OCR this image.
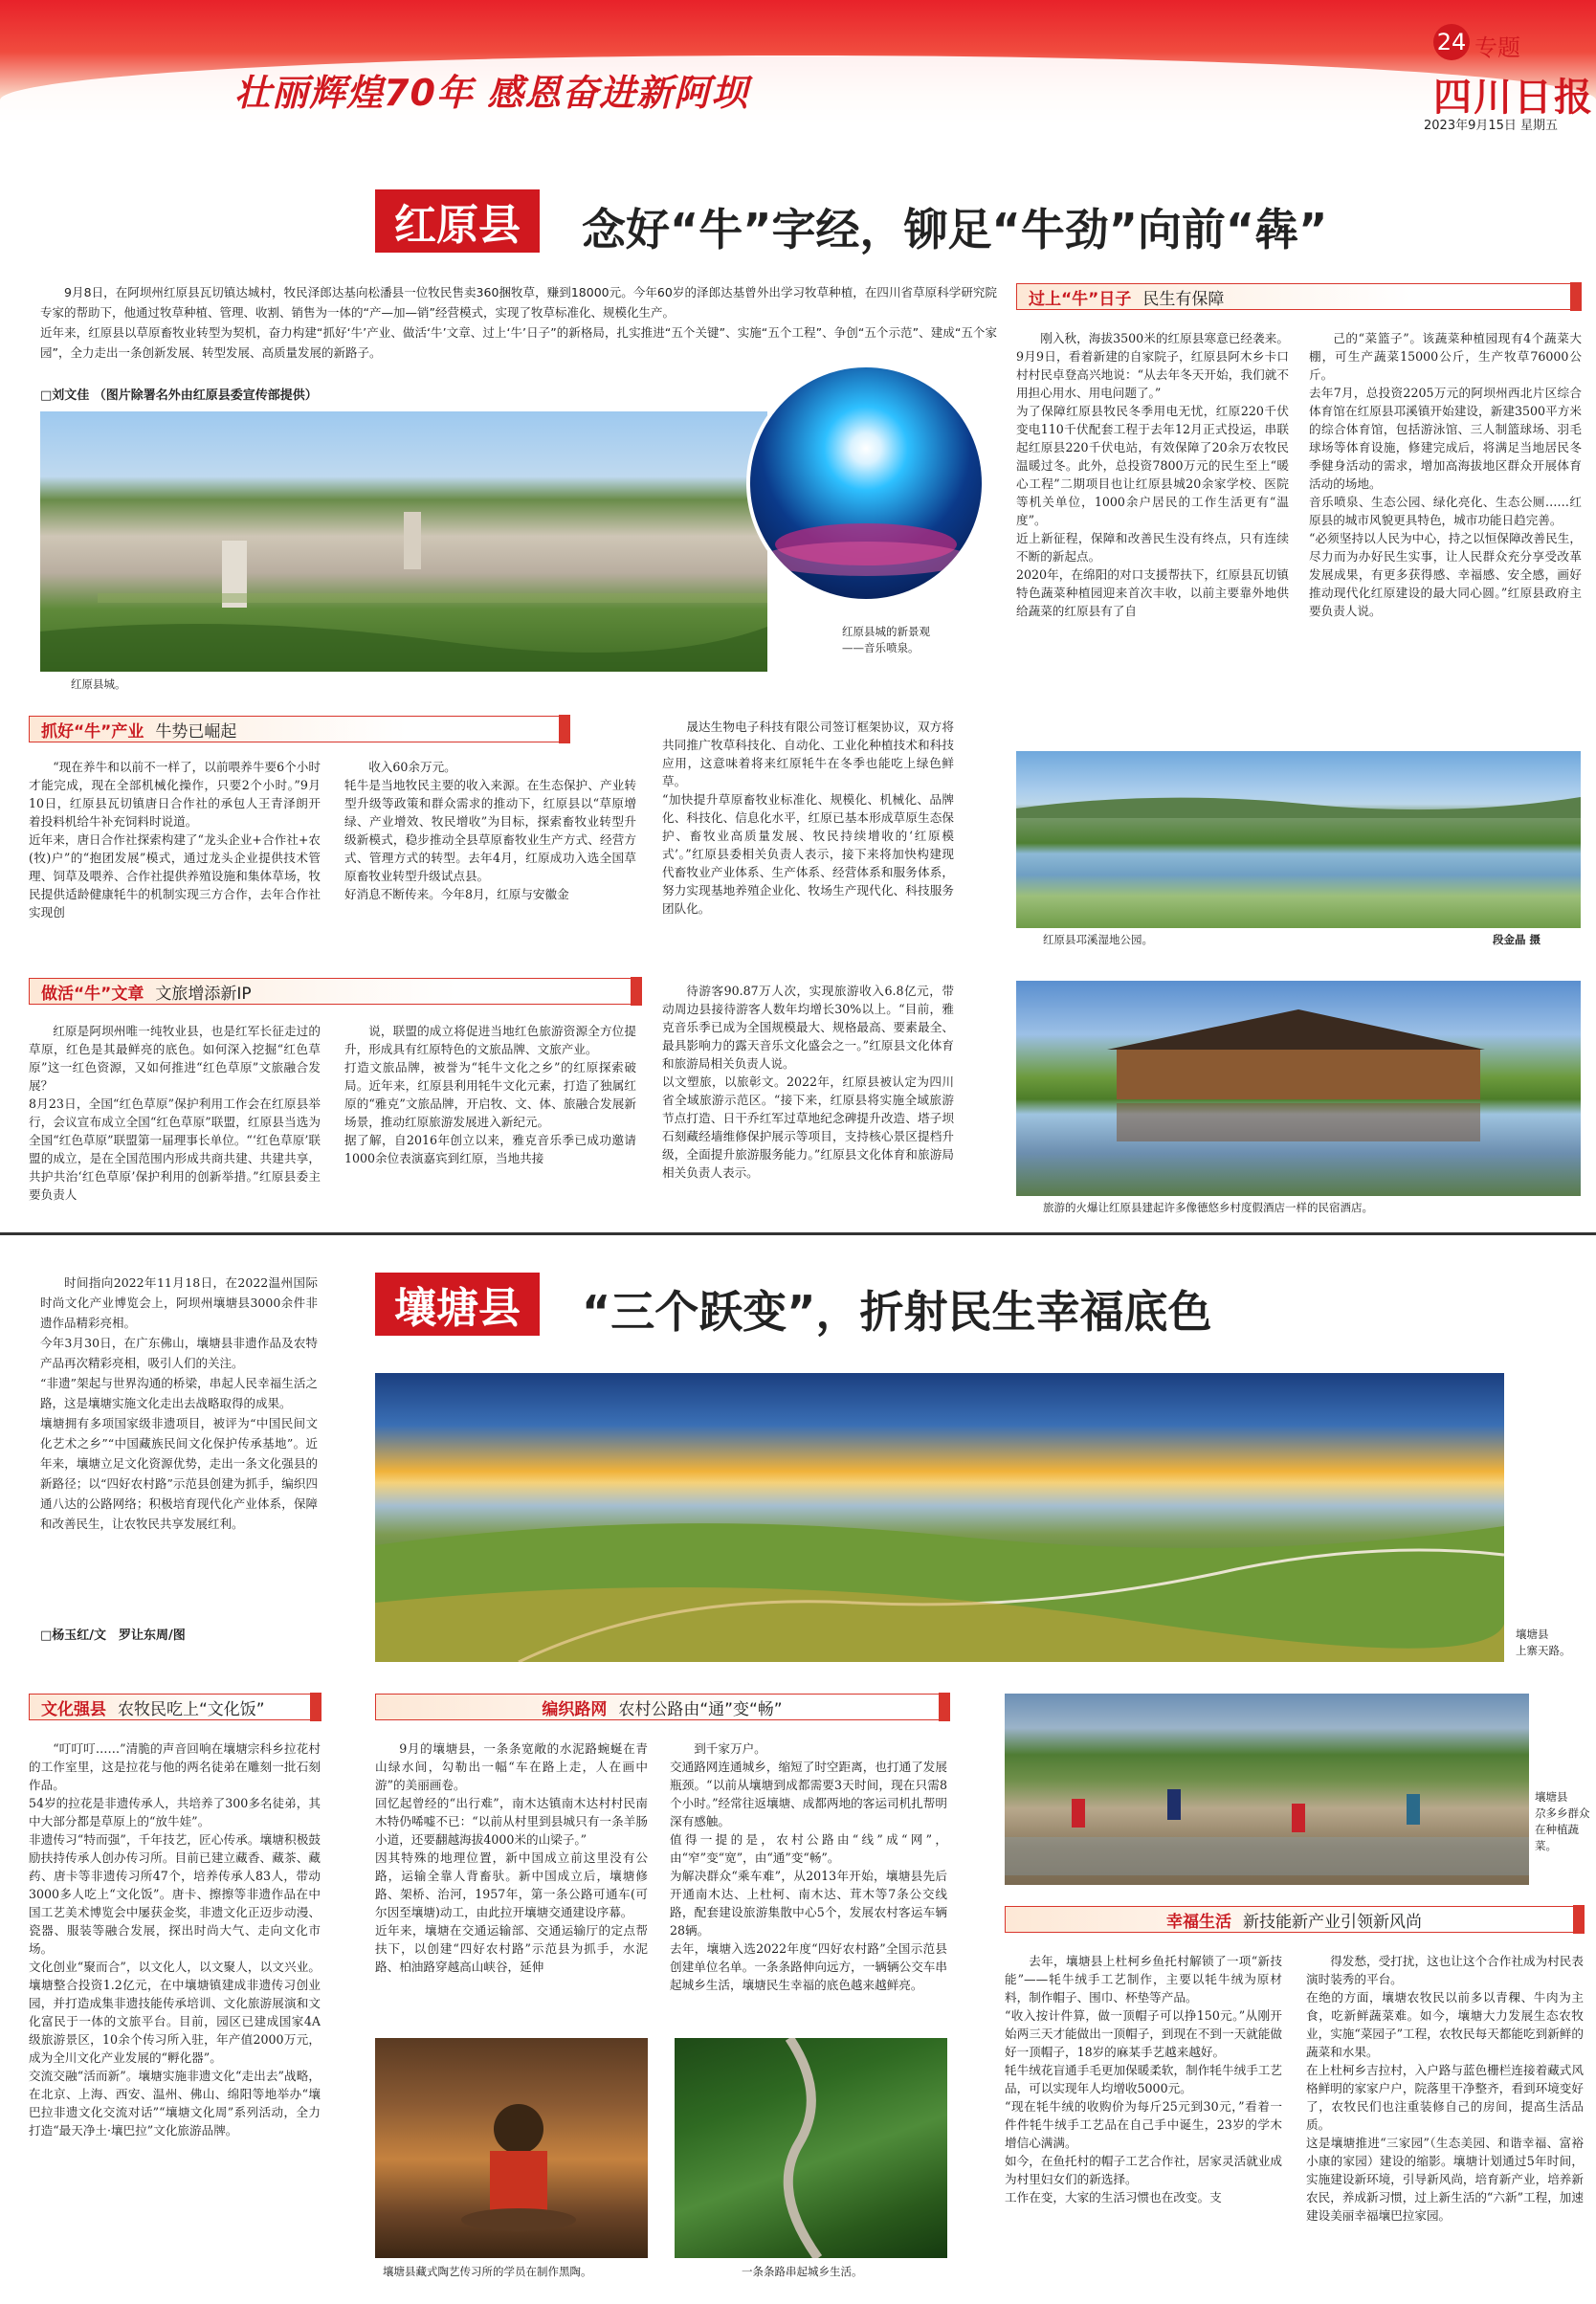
壮丽辉煌70年 感恩奋进新阿坝
24 专题
四川日报
2023年9月15日 星期五
红原县	念好“牛”字经，铆足“牛劲”向前“犇”
9月8日，在阿坝州红原县瓦切镇达城村，牧民泽郎达基向松潘县一位牧民售卖360捆牧草，赚到18000元。今年60岁的泽郎达基曾外出学习牧草种植，在四川省草原科学研究院专家的帮助下，他通过牧草种植、管理、收割、销售为一体的“产—加—销”经营模式，实现了牧草标准化、规模化生产。
近年来，红原县以草原畜牧业转型为契机，奋力构建“抓好‘牛’产业、做活‘牛’文章、过上‘牛’日子”的新格局，扎实推进“五个关键”、实施“五个工程”、争创“五个示范”、建成“五个家园”，全力走出一条创新发展、转型发展、高质量发展的新路子。
□刘文佳 （图片除署名外由红原县委宣传部提供）
红原县城。
红原县城的新景观
——音乐喷泉。
抓好“牛”产业 牛势已崛起
“现在养牛和以前不一样了，以前喂养牛要6个小时才能完成，现在全部机械化操作，只要2个小时。”9月10日，红原县瓦切镇唐日合作社的承包人王青泽朗开着投料机给牛补充饲料时说道。
近年来，唐日合作社探索构建了“龙头企业+合作社+农(牧)户”的“抱团发展”模式，通过龙头企业提供技术管理、饲草及喂养、合作社提供养殖设施和集体草场，牧民提供适龄健康牦牛的机制实现三方合作，去年合作社实现创
收入60余万元。
牦牛是当地牧民主要的收入来源。在生态保护、产业转型升级等政策和群众需求的推动下，红原县以“草原增绿、产业增效、牧民增收”为目标，探索畜牧业转型升级新模式，稳步推动全县草原畜牧业生产方式、经营方式、管理方式的转型。去年4月，红原成功入选全国草原畜牧业转型升级试点县。
好消息不断传来。今年8月，红原与安徽金
晟达生物电子科技有限公司签订框架协议，双方将共同推广牧草科技化、自动化、工业化种植技术和科技应用，这意味着将来红原牦牛在冬季也能吃上绿色鲜草。
“加快提升草原畜牧业标准化、规模化、机械化、品牌化、科技化、信息化水平，红原已基本形成草原生态保护、畜牧业高质量发展、牧民持续增收的‘红原模式’。”红原县委相关负责人表示，接下来将加快构建现代畜牧业产业体系、生产体系、经营体系和服务体系，努力实现基地养殖企业化、牧场生产现代化、科技服务团队化。
做活“牛”文章 文旅增添新IP
红原是阿坝州唯一纯牧业县，也是红军长征走过的草原，红色是其最鲜亮的底色。如何深入挖掘“红色草原”这一红色资源，又如何推进“红色草原”文旅融合发展？
8月23日，全国“红色草原”保护利用工作会在红原县举行，会议宣布成立全国“红色草原”联盟，红原县当选为全国“红色草原”联盟第一届理事长单位。“‘红色草原’联盟的成立，是在全国范围内形成共商共建、共建共享，共护共治‘红色草原’保护利用的创新举措。”红原县委主要负责人
说，联盟的成立将促进当地红色旅游资源全方位提升，形成具有红原特色的文旅品牌、文旅产业。
打造文旅品牌，被誉为“牦牛文化之乡”的红原探索破局。近年来，红原县利用牦牛文化元素，打造了独属红原的“雅克”文旅品牌，开启牧、文、体、旅融合发展新场景，推动红原旅游发展进入新纪元。
据了解，自2016年创立以来，雅克音乐季已成功邀请1000余位表演嘉宾到红原，当地共接
待游客90.87万人次，实现旅游收入6.8亿元，带动周边县接待游客人数年均增长30%以上。“目前，雅克音乐季已成为全国规模最大、规格最高、要素最全、最具影响力的露天音乐文化盛会之一。”红原县文化体育和旅游局相关负责人说。
以文塑旅，以旅彰文。2022年，红原县被认定为四川省全域旅游示范区。“接下来，红原县将实施全域旅游节点打造、日干乔红军过草地纪念碑提升改造、塔子坝石刻藏经墙维修保护展示等项目，支持核心景区提档升级，全面提升旅游服务能力。”红原县文化体育和旅游局相关负责人表示。
过上“牛”日子 民生有保障
刚入秋，海拔3500米的红原县寒意已经袭来。9月9日，看着新建的自家院子，红原县阿木乡卡口村村民卓登高兴地说：“从去年冬天开始，我们就不用担心用水、用电问题了。”
为了保障红原县牧民冬季用电无忧，红原220千伏变电110千伏配套工程于去年12月正式投运，串联起红原县220千伏电站，有效保障了20余万农牧民温暖过冬。此外，总投资7800万元的民生至上“暖心工程”二期项目也让红原县城20余家学校、医院等机关单位，1000余户居民的工作生活更有“温度”。
近上新征程，保障和改善民生没有终点，只有连续不断的新起点。
2020年，在绵阳的对口支援帮扶下，红原县瓦切镇特色蔬菜种植园迎来首次丰收，以前主要靠外地供给蔬菜的红原县有了自
己的“菜篮子”。该蔬菜种植园现有4个蔬菜大棚，可生产蔬菜15000公斤，生产牧草76000公斤。
去年7月，总投资2205万元的阿坝州西北片区综合体育馆在红原县邛溪镇开始建设，新建3500平方米的综合体育馆，包括游泳馆、三人制篮球场、羽毛球场等体育设施，修建完成后，将满足当地居民冬季健身活动的需求，增加高海拔地区群众开展体育活动的场地。
音乐喷泉、生态公园、绿化亮化、生态公厕……红原县的城市风貌更具特色，城市功能日趋完善。
“必须坚持以人民为中心，持之以恒保障改善民生，尽力而为办好民生实事，让人民群众充分享受改革发展成果，有更多获得感、幸福感、安全感，画好推动现代化红原建设的最大同心圆。”红原县政府主要负责人说。
红原县邛溪湿地公园。	段金晶 摄
旅游的火爆让红原县建起许多像德悠乡村度假酒店一样的民宿酒店。
时间指向2022年11月18日，在2022温州国际时尚文化产业博览会上，阿坝州壤塘县3000余件非遗作品精彩亮相。
今年3月30日，在广东佛山，壤塘县非遗作品及农特产品再次精彩亮相，吸引人们的关注。
“非遗”架起与世界沟通的桥梁，串起人民幸福生活之路，这是壤塘实施文化走出去战略取得的成果。
壤塘拥有多项国家级非遗项目，被评为“中国民间文化艺术之乡”“中国藏族民间文化保护传承基地”。近年来，壤塘立足文化资源优势，走出一条文化强县的新路径；以“四好农村路”示范县创建为抓手，编织四通八达的公路网络；积极培育现代化产业体系，保障和改善民生，让农牧民共享发展红利。
□杨玉红/文　罗让东周/图
壤塘县	“三个跃变”，折射民生幸福底色
壤塘县
上寨天路。
文化强县 农牧民吃上“文化饭”
“叮叮叮……”清脆的声音回响在壤塘宗科乡拉花村的工作室里，这是拉花与他的两名徒弟在雕刻一批石刻作品。
54岁的拉花是非遗传承人，共培养了300多名徒弟，其中大部分都是草原上的“放牛娃”。
非遗传习“特而强”，千年技艺，匠心传承。壤塘积极鼓励扶持传承人创办传习所。目前已建立藏香、藏茶、藏药、唐卡等非遗传习所47个，培养传承人83人，带动3000多人吃上“文化饭”。唐卡、擦擦等非遗作品在中国工艺美术博览会中屡获金奖，非遗文化正迈步动漫、瓷器、服装等融合发展，探出时尚大气、走向文化市场。
文化创业“聚而合”，以文化人，以文聚人，以文兴业。壤塘整合投资1.2亿元，在中壤塘镇建成非遗传习创业园，并打造成集非遗技能传承培训、文化旅游展演和文化富民于一体的文旅平台。目前，园区已建成国家4A级旅游景区，10余个传习所入驻，年产值2000万元，成为全川文化产业发展的“孵化器”。
交流交融“活而新”。壤塘实施非遗文化“走出去”战略，在北京、上海、西安、温州、佛山、绵阳等地举办“壤巴拉非遗文化交流对话”“壤塘文化周”系列活动，全力打造“最天净土·壤巴拉”文化旅游品牌。
编织路网 农村公路由“通”变“畅”
9月的壤塘县，一条条宽敞的水泥路蜿蜒在青山绿水间，勾勒出一幅“车在路上走，人在画中游”的美丽画卷。
回忆起曾经的“出行难”，南木达镇南木达村村民南木特仍唏嘘不已：“以前从村里到县城只有一条羊肠小道，还要翻越海拔4000米的山梁子。”
因其特殊的地理位置，新中国成立前这里没有公路，运输全靠人背畜驮。新中国成立后，壤塘修路、架桥、治河，1957年，第一条公路可通车(可尔因至壤塘)动工，由此拉开壤塘交通建设序幕。
近年来，壤塘在交通运输部、交通运输厅的定点帮扶下，以创建“四好农村路”示范县为抓手，水泥路、柏油路穿越高山峡谷，延伸
到千家万户。
交通路网连通城乡，缩短了时空距离，也打通了发展瓶颈。“以前从壤塘到成都需要3天时间，现在只需8个小时。”经常往返壤塘、成都两地的客运司机扎帮明深有感触。
值得一提的是，农村公路由“线”成“网”，由“窄”变“宽”，由“通”变“畅”。
为解决群众“乘车难”，从2013年开始，壤塘县先后开通南木达、上杜柯、南木达、茸木等7条公交线路，配套建设旅游集散中心5个，发展农村客运车辆28辆。
去年，壤塘入选2022年度“四好农村路”全国示范县创建单位名单。一条条路伸向远方，一辆辆公交车串起城乡生活，壤塘民生幸福的底色越来越鲜亮。
壤塘县藏式陶艺传习所的学员在制作黑陶。	一条条路串起城乡生活。
壤塘县
尕多乡群众
在种植蔬
菜。
幸福生活 新技能新产业引领新风尚
去年，壤塘县上杜柯乡鱼托村解锁了一项“新技能”——牦牛绒手工艺制作，主要以牦牛绒为原材料，制作帽子、围巾、杯垫等产品。
“收入按计件算，做一顶帽子可以挣150元。”从刚开始两三天才能做出一顶帽子，到现在不到一天就能做好一顶帽子，18岁的麻某手艺越来越好。
牦牛绒花盲通手毛更加保暖柔软，制作牦牛绒手工艺品，可以实现年人均增收5000元。
“现在牦牛绒的收购价为每斤25元到30元，”看着一件件牦牛绒手工艺品在自己手中诞生，23岁的学木增信心满满。
如今，在鱼托村的帽子工艺合作社，居家灵活就业成为村里妇女们的新选择。
工作在变，大家的生活习惯也在改变。支
得发愁，受打扰，这也让这个合作社成为村民表演时装秀的平台。
在绝的方面，壤塘农牧民以前多以青稞、牛肉为主食，吃新鲜蔬菜难。如今，壤塘大力发展生态农牧业，实施“菜园子”工程，农牧民每天都能吃到新鲜的蔬菜和水果。
在上杜柯乡吉拉村，入户路与蓝色栅栏连接着藏式风格鲜明的家家户户，院落里干净整齐，看到环境变好了，农牧民们也注重装修自己的房间，提高生活品质。
这是壤塘推进“三家园”（生态美园、和谐幸福、富裕小康的家园）建设的缩影。壤塘计划通过5年时间，实施建设新环境，引导新风尚，培育新产业，培养新农民，养成新习惯，过上新生活的“六新”工程，加速建设美丽幸福壤巴拉家园。
